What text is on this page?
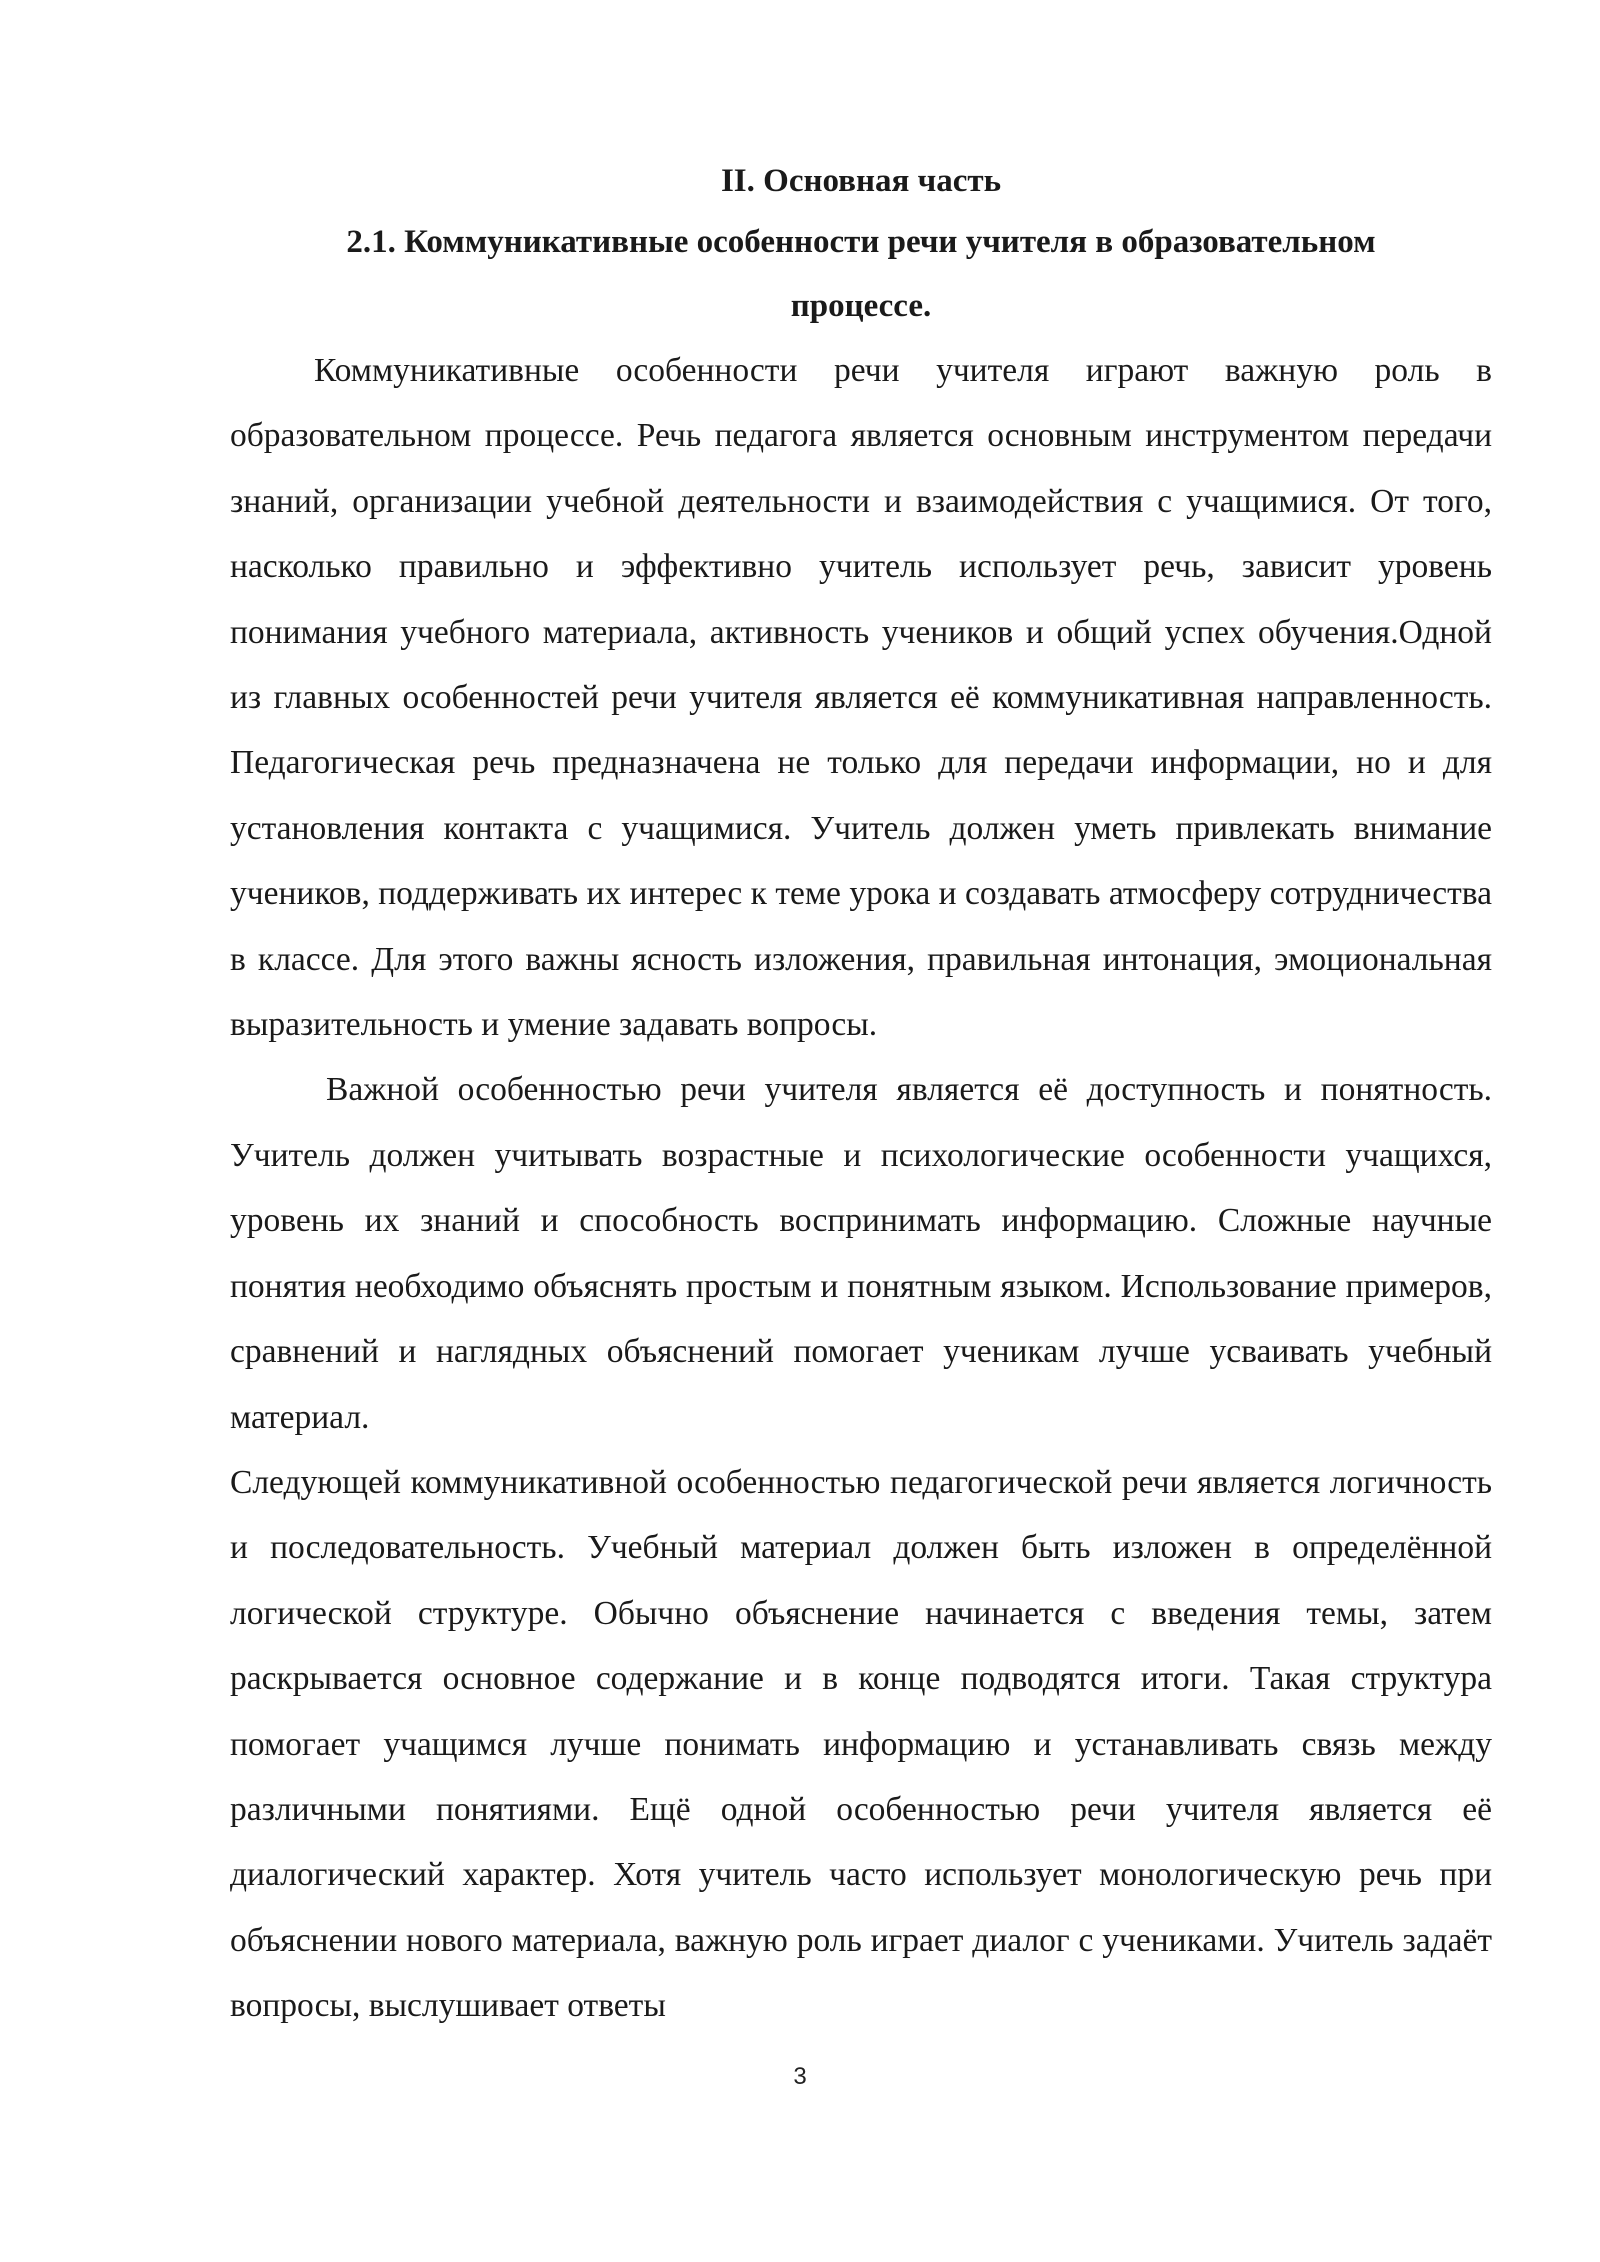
II. Основная часть
2.1. Коммуникативные особенности речи учителя в образовательном
процессе.

Коммуникативные особенности речи учителя играют важную роль в образовательном процессе. Речь педагога является основным инструментом передачи знаний, организации учебной деятельности и взаимодействия с учащимися. От того, насколько правильно и эффективно учитель использует речь, зависит уровень понимания учебного материала, активность учеников и общий успех обучения.Одной из главных особенностей речи учителя является её коммуникативная направленность. Педагогическая речь предназначена не только для передачи информации, но и для установления контакта с учащимися. Учитель должен уметь привлекать внимание учеников, поддерживать их интерес к теме урока и создавать атмосферу сотрудничества в классе. Для этого важны ясность изложения, правильная интонация, эмоциональная выразительность и умение задавать вопросы.

Важной особенностью речи учителя является её доступность и понятность. Учитель должен учитывать возрастные и психологические особенности учащихся, уровень их знаний и способность воспринимать информацию. Сложные научные понятия необходимо объяснять простым и понятным языком. Использование примеров, сравнений и наглядных объяснений помогает ученикам лучше усваивать учебный материал.

Следующей коммуникативной особенностью педагогической речи является логичность и последовательность. Учебный материал должен быть изложен в определённой логической структуре. Обычно объяснение начинается с введения темы, затем раскрывается основное содержание и в конце подводятся итоги. Такая структура помогает учащимся лучше понимать информацию и устанавливать связь между различными понятиями. Ещё одной особенностью речи учителя является её диалогический характер. Хотя учитель часто использует монологическую речь при объяснении нового материала, важную роль играет диалог с учениками. Учитель задаёт вопросы, выслушивает ответы

3
